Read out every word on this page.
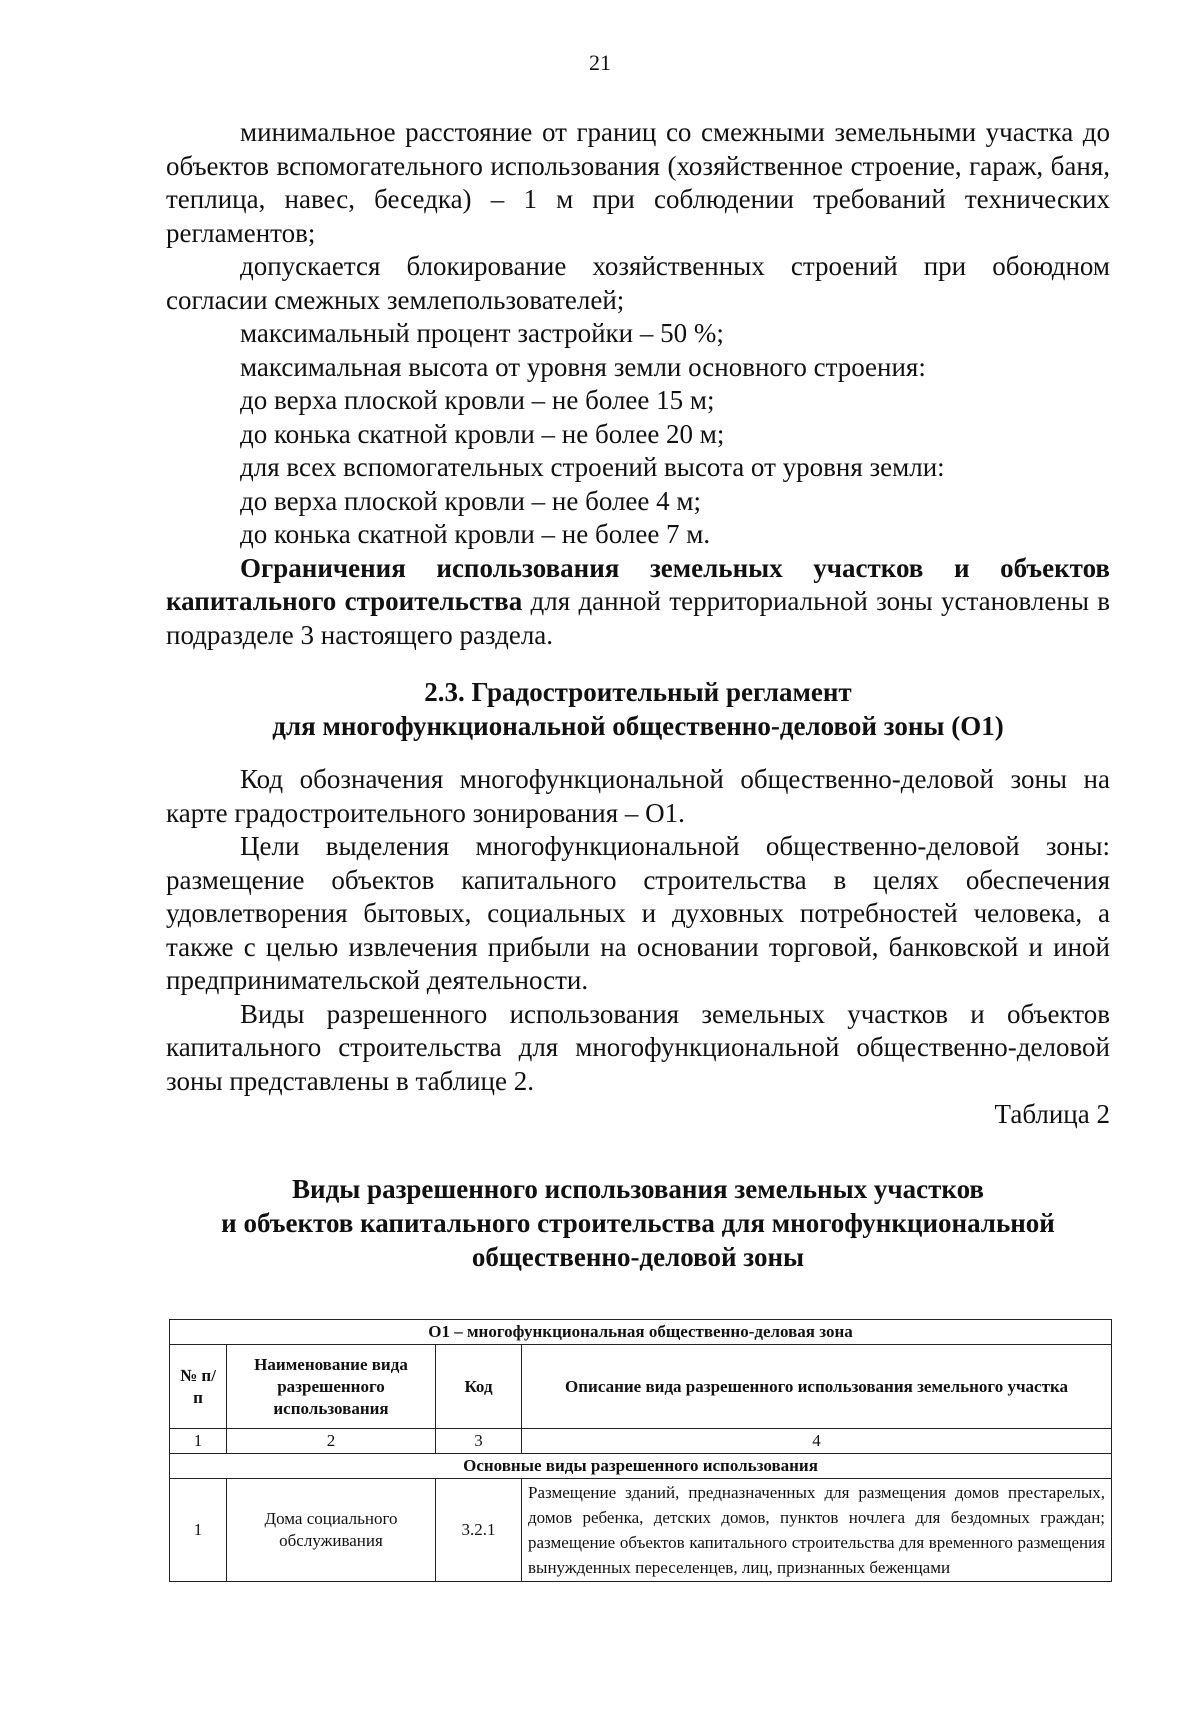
21

минимальное расстояние от границ со смежными земельными участка до объектов вспомогательного использования (хозяйственное строение, гараж, баня, теплица, навес, беседка) – 1 м при соблюдении требований технических регламентов;

допускается блокирование хозяйственных строений при обоюдном согласии смежных землепользователей;

максимальный процент застройки – 50 %;

максимальная высота от уровня земли основного строения:

до верха плоской кровли – не более 15 м;

до конька скатной кровли – не более 20 м;

для всех вспомогательных строений высота от уровня земли:

до верха плоской кровли – не более 4 м;

до конька скатной кровли – не более 7 м.

Ограничения использования земельных участков и объектов капитального строительства для данной территориальной зоны установлены в подразделе 3 настоящего раздела.

2.3. Градостроительный регламент
для многофункциональной общественно-деловой зоны (О1)

Код обозначения многофункциональной общественно-деловой зоны на карте градостроительного зонирования – О1.

Цели выделения многофункциональной общественно-деловой зоны: размещение объектов капитального строительства в целях обеспечения удовлетворения бытовых, социальных и духовных потребностей человека, а также с целью извлечения прибыли на основании торговой, банковской и иной предпринимательской деятельности.

Виды разрешенного использования земельных участков и объектов капитального строительства для многофункциональной общественно-деловой зоны представлены в таблице 2.

Таблица 2

Виды разрешенного использования земельных участков
и объектов капитального строительства для многофункциональной
общественно-деловой зоны

О1 – многофункциональная общественно-деловая зона			
№ п/п	Наименование вида разрешенного использования	Код	Описание вида разрешенного использования земельного участка
1	2	3	4
Основные виды разрешенного использования			
1	Дома социального обслуживания	3.2.1	Размещение зданий, предназначенных для размещения домов престарелых, домов ребенка, детских домов, пунктов ночлега для бездомных граждан; размещение объектов капитального строительства для временного размещения вынужденных переселенцев, лиц, признанных беженцами
